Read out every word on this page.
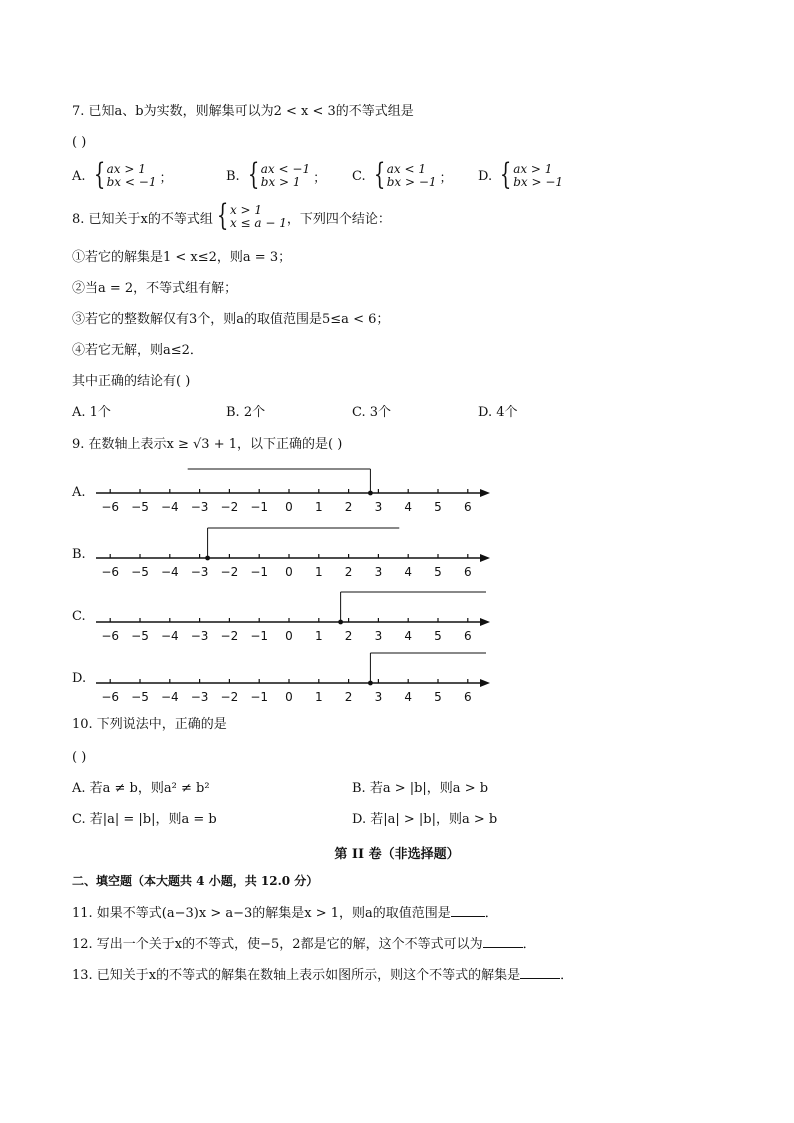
7. 已知a、b为实数，则解集可以为2 < x < 3的不等式组是
( )
A. { ax > 1
bx < −1 ；	B. { ax < −1
bx > 1 ； C. { ax < 1
bx > −1 ； D. { ax > 1
bx > −1
8. 已知关于x的不等式组 { x > 1
x ≤ a − 1 ，下列四个结论：
①若它的解集是1 < x≤2，则a = 3；
②当a = 2，不等式组有解；
③若它的整数解仅有3个，则a的取值范围是5≤a < 6；
④若它无解，则a≤2．
其中正确的结论有( )
A. 1个	B. 2个	C. 3个	D. 4个
9. 在数轴上表示x ≥ √3 + 1，以下正确的是( )
A.
B.
C.
D.
−6 −5 −4 −3 −2 −1 0 1 2 3 4 5 6
−6 −5 −4 −3 −2 −1 0 1 2 3 4 5 6
−6 −5 −4 −3 −2 −1 0 1 2 3 4 5 6
−6 −5 −4 −3 −2 −1 0 1 2 3 4 5 6
10. 下列说法中，正确的是
( )
A. 若a ≠ b，则a² ≠ b²	B. 若a > |b|，则a > b
C. 若|a| = |b|，则a = b	D. 若|a| > |b|，则a > b
第 II 卷（非选择题）
二、填空题（本大题共 4 小题，共 12.0 分）
11. 如果不等式(a−3)x > a−3的解集是x > 1，则a的取值范围是	．
12. 写出一个关于x的不等式，使−5，2都是它的解，这个不等式可以为	．
13. 已知关于x的不等式的解集在数轴上表示如图所示，则这个不等式的解集是	．
